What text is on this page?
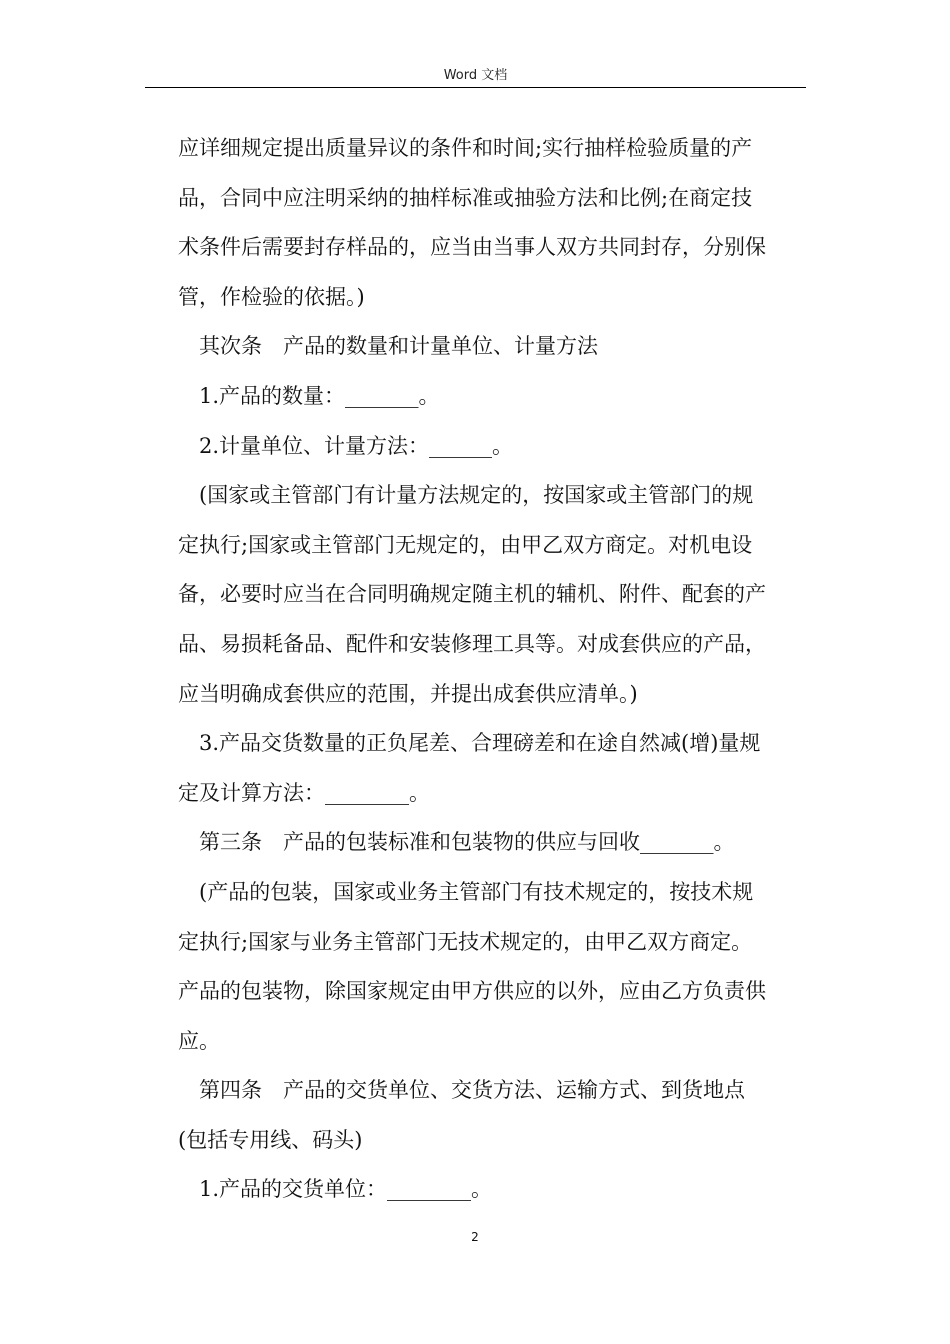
Word 文档
应详细规定提出质量异议的条件和时间;实行抽样检验质量的产
品，合同中应注明采纳的抽样标准或抽验方法和比例;在商定技
术条件后需要封存样品的，应当由当事人双方共同封存，分别保
管，作检验的依据。)
其次条　产品的数量和计量单位、计量方法
1.产品的数量：_______。
2.计量单位、计量方法：______。
(国家或主管部门有计量方法规定的，按国家或主管部门的规
定执行;国家或主管部门无规定的，由甲乙双方商定。对机电设
备，必要时应当在合同明确规定随主机的辅机、附件、配套的产
品、易损耗备品、配件和安装修理工具等。对成套供应的产品，
应当明确成套供应的范围，并提出成套供应清单。)
3.产品交货数量的正负尾差、合理磅差和在途自然减(增)量规
定及计算方法：________。
第三条　产品的包装标准和包装物的供应与回收_______。
(产品的包装，国家或业务主管部门有技术规定的，按技术规
定执行;国家与业务主管部门无技术规定的，由甲乙双方商定。
产品的包装物，除国家规定由甲方供应的以外，应由乙方负责供
应。
第四条　产品的交货单位、交货方法、运输方式、到货地点
(包括专用线、码头)
1.产品的交货单位：________。
2
